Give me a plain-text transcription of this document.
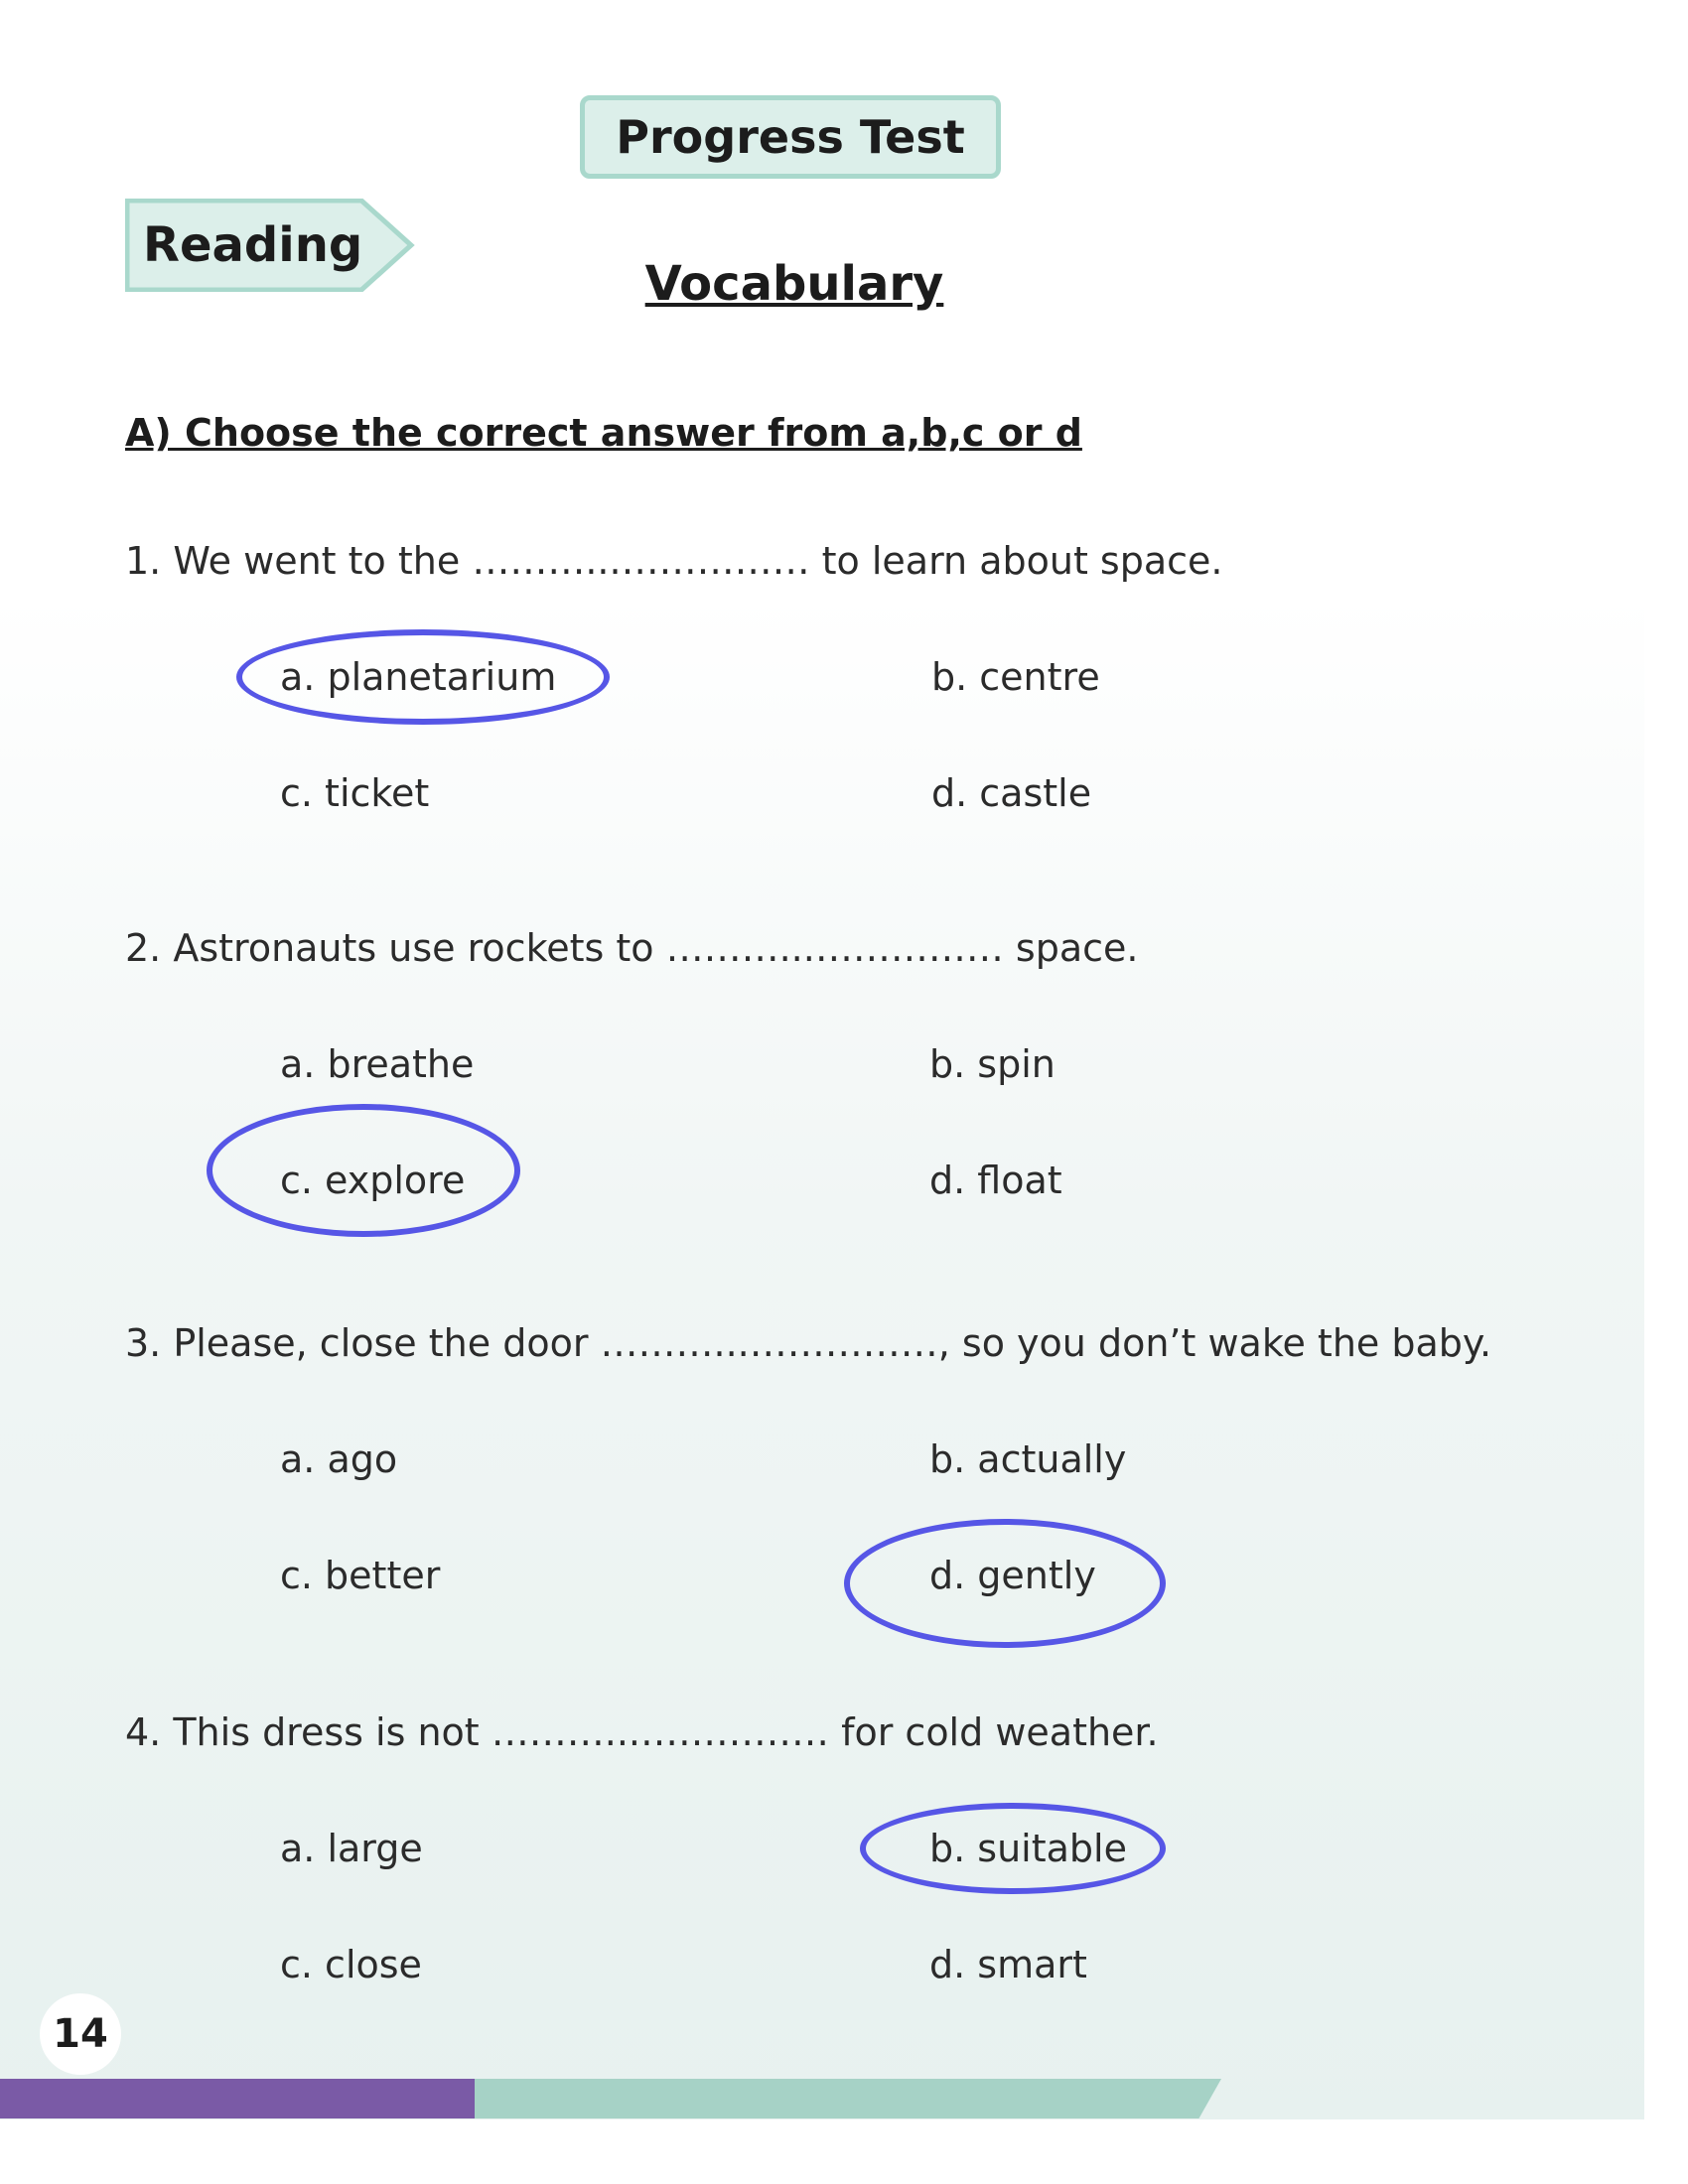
Progress Test
Reading
Vocabulary
A) Choose the correct answer from a,b,c or d
1. We went to the ………...…………… to learn about space.
a. planetarium	b. centre
c. ticket	d. castle
2. Astronauts use rockets to ………...…………… space.
a. breathe	b. spin
c. explore	d. float
3. Please, close the door ………...……………, so you don’t wake the baby.
a. ago	b. actually
c. better	d. gently
4. This dress is not ………...…………… for cold weather.
a. large	b. suitable
c. close	d. smart
14
